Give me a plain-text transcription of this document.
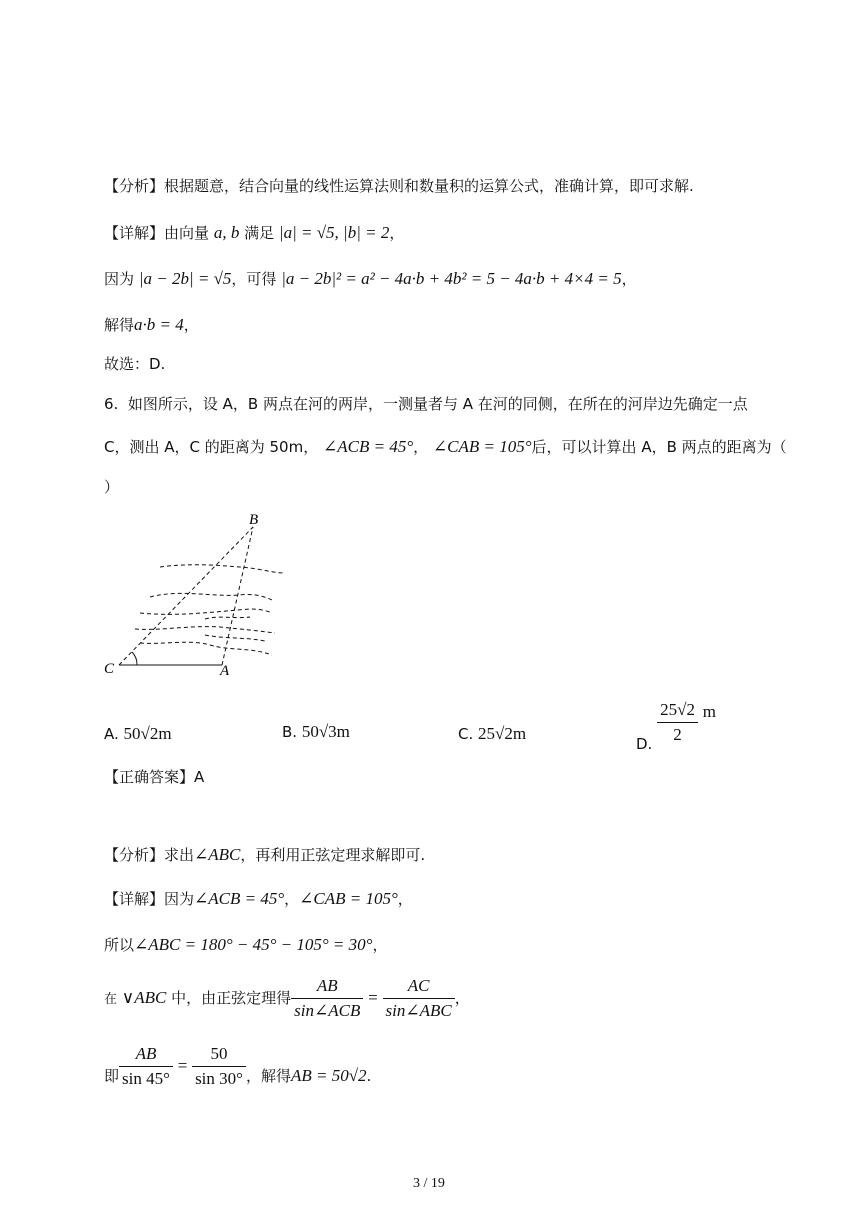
【分析】根据题意，结合向量的线性运算法则和数量积的运算公式，准确计算，即可求解.
【详解】由向量 a, b 满足 |a| = √5, |b| = 2，
因为 |a − 2b| = √5，可得 |a − 2b|² = a² − 4a·b + 4b² = 5 − 4a·b + 4×4 = 5，
解得a·b = 4，
故选：D.
6. 如图所示，设 A，B 两点在河的两岸，一测量者与 A 在河的同侧，在所在的河岸边先确定一点
C，测出 A，C 的距离为 50m， ∠ACB = 45°， ∠CAB = 105°后，可以计算出 A，B 两点的距离为（
）
B
C	A
A. 50√2m	B. 50√3m	C. 25√2m
D. $\frac{25√2}{2}$ m
【正确答案】A
【分析】求出∠ABC，再利用正弦定理求解即可.
【详解】因为∠ACB = 45°，∠CAB = 105°，
所以∠ABC = 180° − 45° − 105° = 30°，
在 ∨ABC 中，由正弦定理得 $\frac{AB}{\text{sin∠ACB}} = \frac{AC}{\text{sin∠ABC}}$ ，
即 $\frac{AB}{\sin 45^\circ} = \frac{50}{\sin 30^\circ}$ ，解得AB = 50√2.
3 / 19
